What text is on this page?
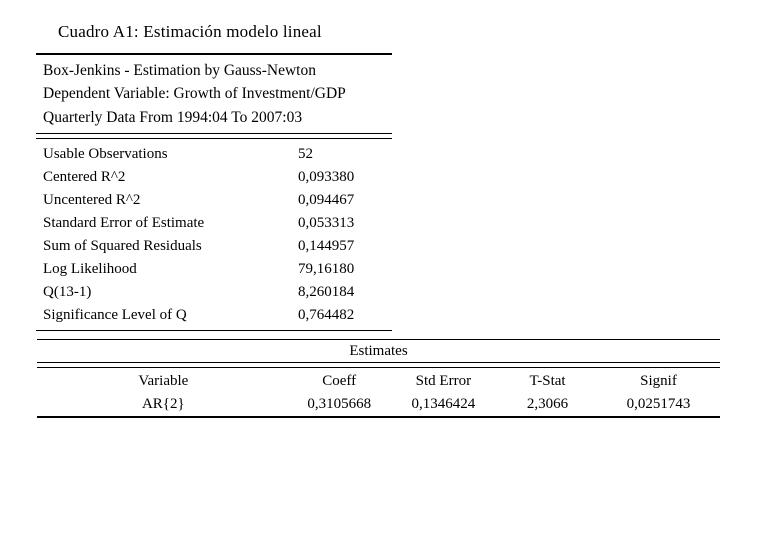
Cuadro A1: Estimación modelo lineal
Box-Jenkins - Estimation by Gauss-Newton
Dependent Variable: Growth of Investment/GDP
Quarterly Data From 1994:04 To 2007:03
Usable Observations	52
Centered R^2	0,093380
Uncentered R^2	0,094467
Standard Error of Estimate	0,053313
Sum of Squared Residuals	0,144957
Log Likelihood	79,16180
Q(13-1)	8,260184
Significance Level of Q	0,764482
Estimates
Variable	Coeff	Std Error	T-Stat	Signif
AR{2}	0,3105668	0,1346424	2,3066	0,0251743
